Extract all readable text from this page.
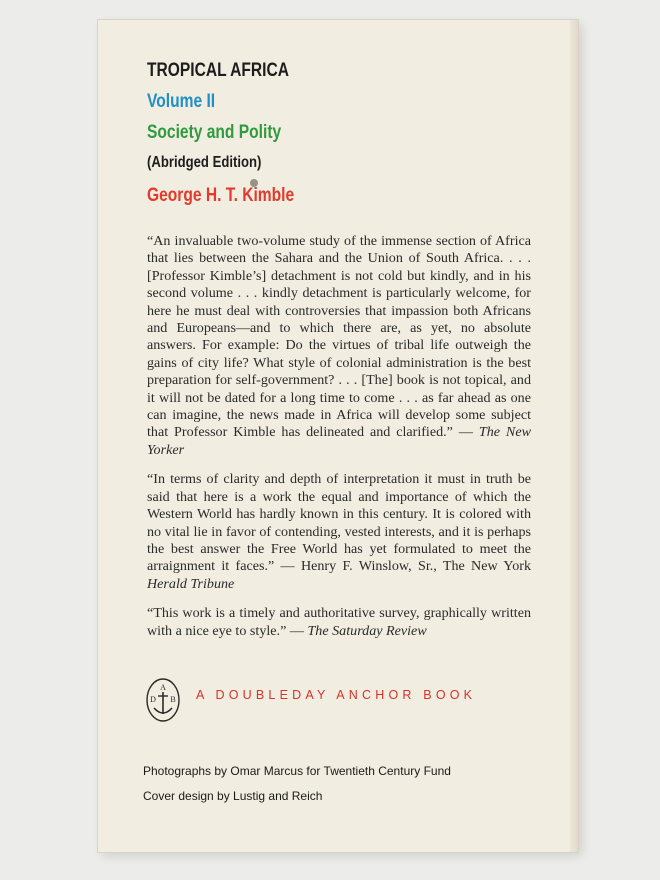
TROPICAL AFRICA
Volume II
Society and Polity
(Abridged Edition)
George H. T. Kimble

“An invaluable two-volume study of the immense section of Africa that lies between the Sahara and the Union of South Africa. . . . [Professor Kimble’s] detachment is not cold but kindly, and in his second volume . . . kindly detachment is particularly welcome, for here he must deal with controversies that impassion both Africans and Europeans—and to which there are, as yet, no absolute answers. For example: Do the virtues of tribal life outweigh the gains of city life? What style of colonial administration is the best preparation for self-government? . . . [The] book is not topical, and it will not be dated for a long time to come . . . as far ahead as one can imagine, the news made in Africa will develop some subject that Professor Kimble has delineated and clarified.” — The New Yorker

“In terms of clarity and depth of interpretation it must in truth be said that here is a work the equal and importance of which the Western World has hardly known in this century. It is colored with no vital lie in favor of contending, vested interests, and it is perhaps the best answer the Free World has yet formulated to meet the arraignment it faces.” — Henry F. Winslow, Sr., The New York Herald Tribune

“This work is a timely and authoritative survey, graphically written with a nice eye to style.” — The Saturday Review

A
D B A DOUBLEDAY ANCHOR BOOK
Photographs by Omar Marcus for Twentieth Century Fund
Cover design by Lustig and Reich
